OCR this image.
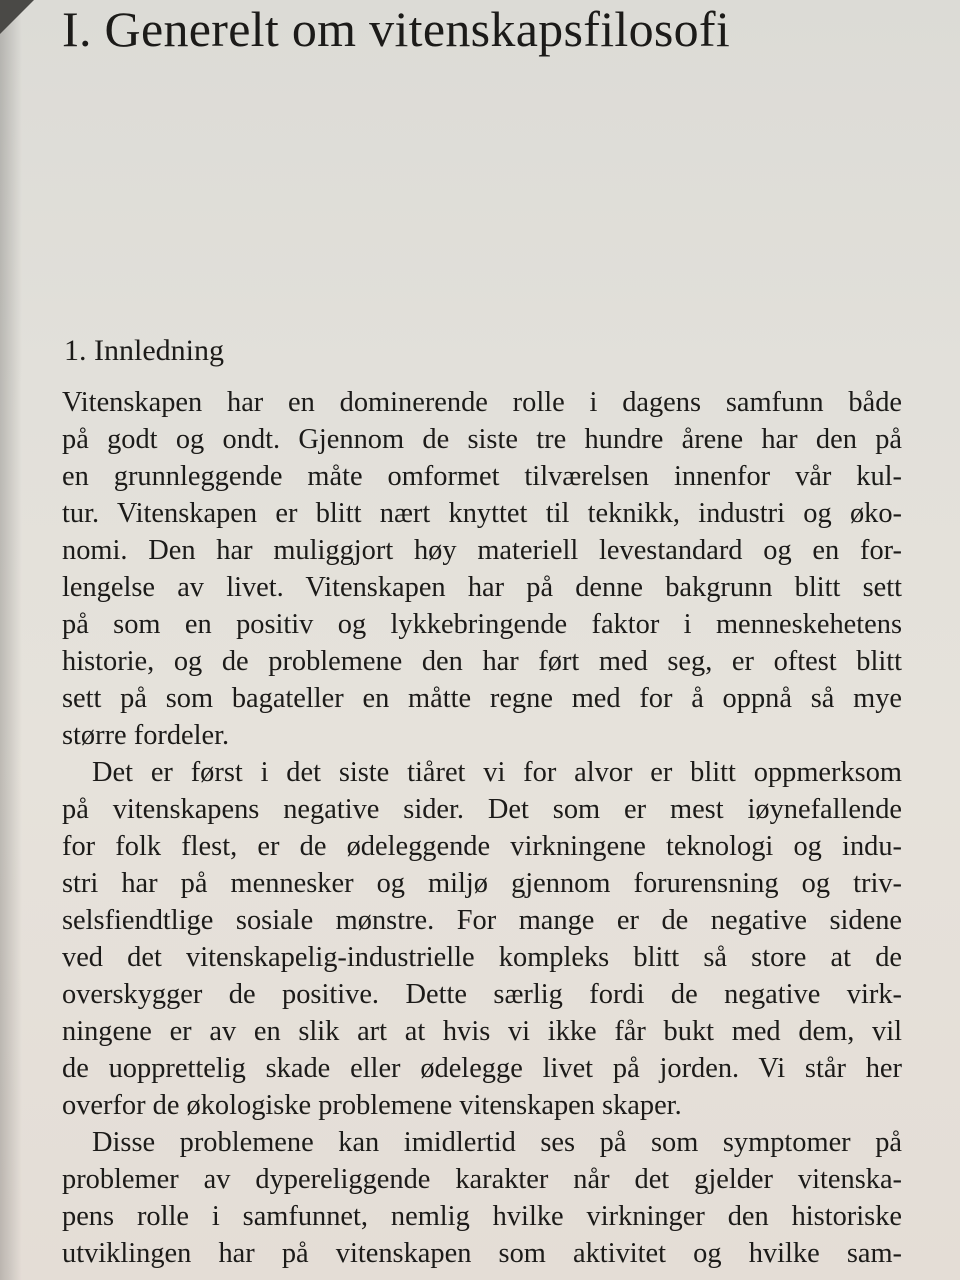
I. Generelt om vitenskapsfilosofi
1. Innledning

Vitenskapen har en dominerende rolle i dagens samfunn både
på godt og ondt. Gjennom de siste tre hundre årene har den på
en grunnleggende måte omformet tilværelsen innenfor vår kul-
tur. Vitenskapen er blitt nært knyttet til teknikk, industri og øko-
nomi. Den har muliggjort høy materiell levestandard og en for-
lengelse av livet. Vitenskapen har på denne bakgrunn blitt sett
på som en positiv og lykkebringende faktor i menneskehetens
historie, og de problemene den har ført med seg, er oftest blitt
sett på som bagateller en måtte regne med for å oppnå så mye
større fordeler.

Det er først i det siste tiåret vi for alvor er blitt oppmerksom
på vitenskapens negative sider. Det som er mest iøynefallende
for folk flest, er de ødeleggende virkningene teknologi og indu-
stri har på mennesker og miljø gjennom forurensning og triv-
selsfiendtlige sosiale mønstre. For mange er de negative sidene
ved det vitenskapelig-industrielle kompleks blitt så store at de
overskygger de positive. Dette særlig fordi de negative virk-
ningene er av en slik art at hvis vi ikke får bukt med dem, vil
de uopprettelig skade eller ødelegge livet på jorden. Vi står her
overfor de økologiske problemene vitenskapen skaper.

Disse problemene kan imidlertid ses på som symptomer på
problemer av dypereliggende karakter når det gjelder vitenska-
pens rolle i samfunnet, nemlig hvilke virkninger den historiske
utviklingen har på vitenskapen som aktivitet og hvilke sam-
